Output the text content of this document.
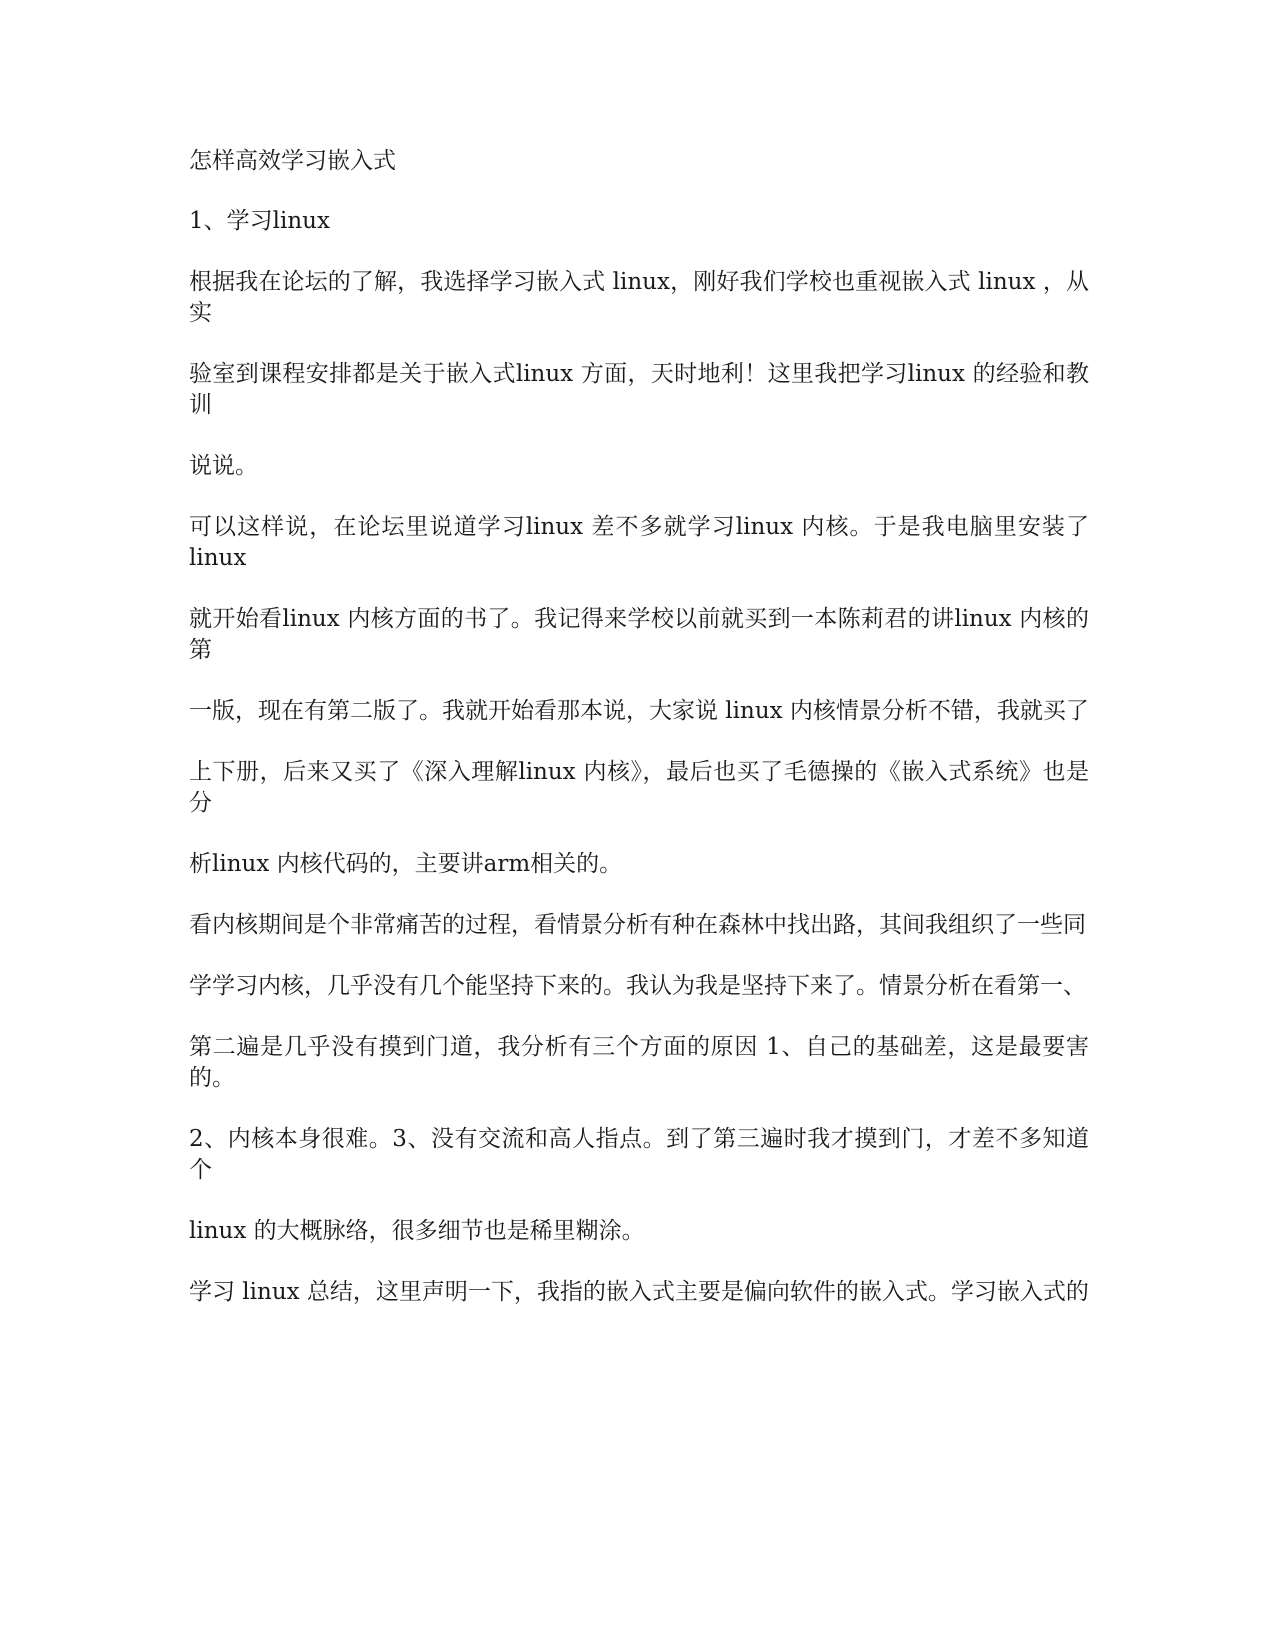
怎样高效学习嵌入式

1、学习linux

根据我在论坛的了解，我选择学习嵌入式 linux，刚好我们学校也重视嵌入式 linux ，从实

验室到课程安排都是关于嵌入式linux 方面，天时地利！这里我把学习linux 的经验和教训

说说。

可以这样说，在论坛里说道学习linux 差不多就学习linux 内核。于是我电脑里安装了linux

就开始看linux 内核方面的书了。我记得来学校以前就买到一本陈莉君的讲linux 内核的第

一版，现在有第二版了。我就开始看那本说，大家说 linux 内核情景分析不错，我就买了

上下册，后来又买了《深入理解linux 内核》，最后也买了毛德操的《嵌入式系统》也是分

析linux 内核代码的，主要讲arm相关的。

看内核期间是个非常痛苦的过程，看情景分析有种在森林中找出路，其间我组织了一些同

学学习内核，几乎没有几个能坚持下来的。我认为我是坚持下来了。情景分析在看第一、

第二遍是几乎没有摸到门道，我分析有三个方面的原因 1、自己的基础差，这是最要害的。

2、内核本身很难。3、没有交流和高人指点。到了第三遍时我才摸到门，才差不多知道个

linux 的大概脉络，很多细节也是稀里糊涂。

学习 linux 总结，这里声明一下，我指的嵌入式主要是偏向软件的嵌入式。学习嵌入式的
